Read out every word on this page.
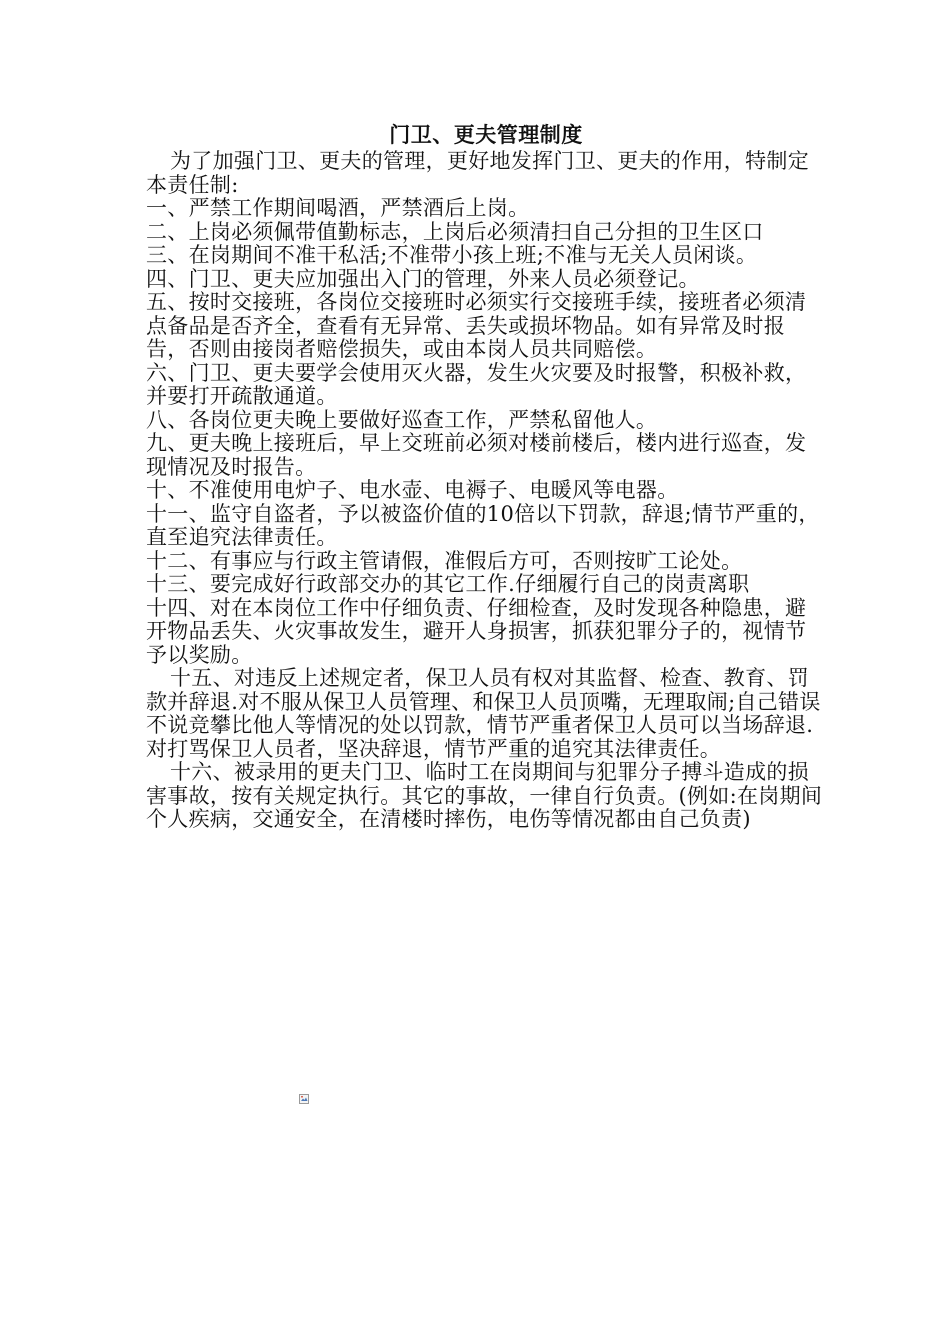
门卫、更夫管理制度

为了加强门卫、更夫的管理，更好地发挥门卫、更夫的作用，特制定本责任制:

一、严禁工作期间喝酒，严禁酒后上岗。

二、上岗必须佩带值勤标志，上岗后必须清扫自己分担的卫生区口

三、在岗期间不准干私活;不准带小孩上班;不准与无关人员闲谈。

四、门卫、更夫应加强出入门的管理，外来人员必须登记。

五、按时交接班，各岗位交接班时必须实行交接班手续，接班者必须清点备品是否齐全，查看有无异常、丢失或损坏物品。如有异常及时报告，否则由接岗者赔偿损失，或由本岗人员共同赔偿。

六、门卫、更夫要学会使用灭火器，发生火灾要及时报警，积极补救，并要打开疏散通道。

八、各岗位更夫晚上要做好巡查工作，严禁私留他人。

九、更夫晚上接班后，早上交班前必须对楼前楼后，楼内进行巡查，发现情况及时报告。

十、不准使用电炉子、电水壶、电褥子、电暖风等电器。

十一、监守自盗者，予以被盗价值的10倍以下罚款，辞退;情节严重的，直至追究法律责任。

十二、有事应与行政主管请假，准假后方可，否则按旷工论处。

十三、要完成好行政部交办的其它工作.仔细履行自己的岗责离职

十四、对在本岗位工作中仔细负责、仔细检查，及时发现各种隐患，避开物品丢失、火灾事故发生，避开人身损害，抓获犯罪分子的，视情节予以奖励。

十五、对违反上述规定者，保卫人员有权对其监督、检查、教育、罚款并辞退.对不服从保卫人员管理、和保卫人员顶嘴，无理取闹;自己错误不说竞攀比他人等情况的处以罚款，情节严重者保卫人员可以当场辞退.对打骂保卫人员者，坚决辞退，情节严重的追究其法律责任。

十六、被录用的更夫门卫、临时工在岗期间与犯罪分子搏斗造成的损害事故，按有关规定执行。其它的事故，一律自行负责。(例如:在岗期间个人疾病，交通安全，在清楼时摔伤，电伤等情况都由自己负责)
